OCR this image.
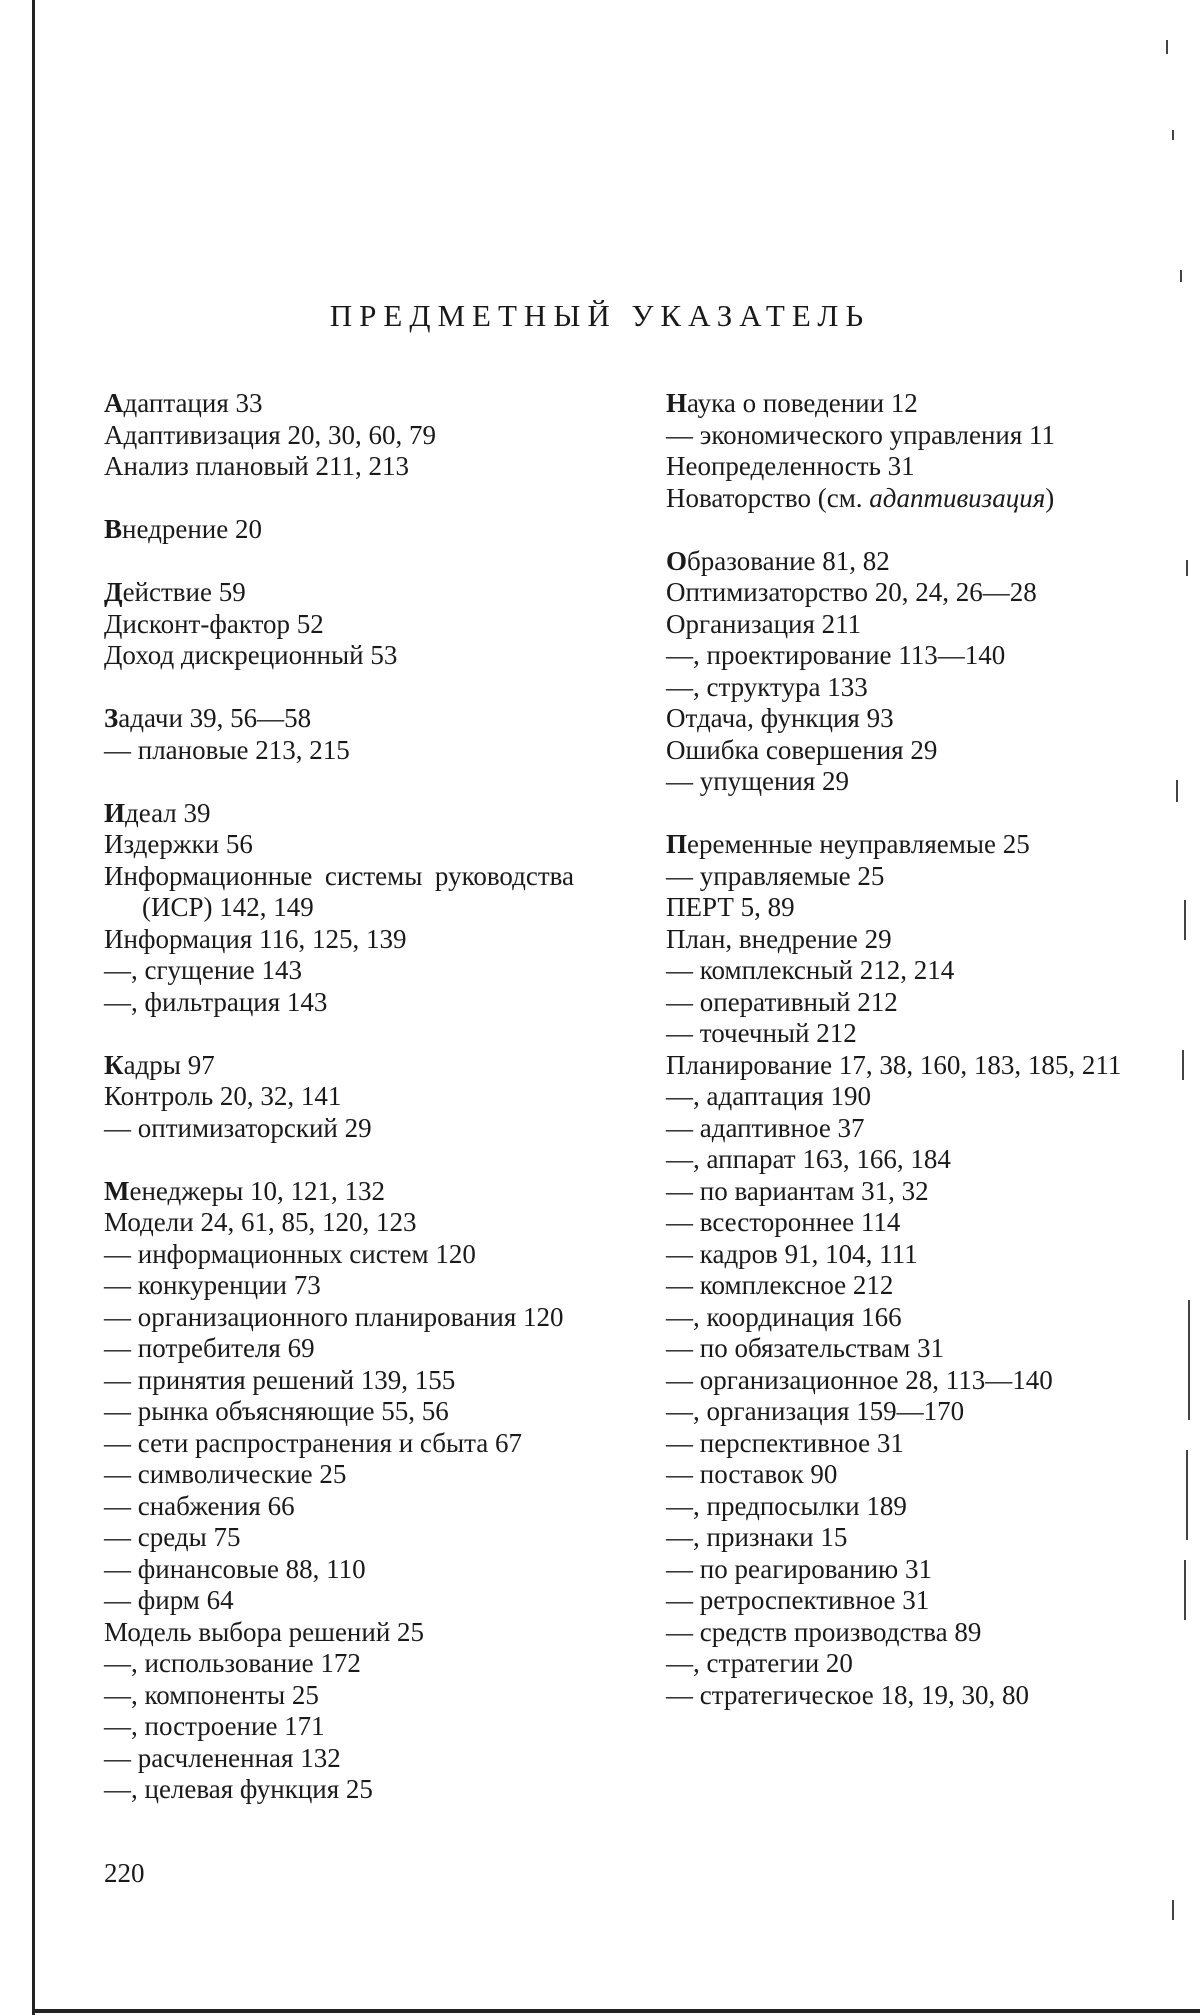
ПРЕДМЕТНЫЙ УКАЗАТЕЛЬ
Адаптация 33
Адаптивизация 20, 30, 60, 79
Анализ плановый 211, 213
Внедрение 20
Действие 59
Дисконт-фактор 52
Доход дискреционный 53
Задачи 39, 56—58
— плановые 213, 215
Идеал 39
Издержки 56
Информационные системы руководства (ИСР) 142, 149
Информация 116, 125, 139
—, сгущение 143
—, фильтрация 143
Кадры 97
Контроль 20, 32, 141
— оптимизаторский 29
Менеджеры 10, 121, 132
Модели 24, 61, 85, 120, 123
— информационных систем 120
— конкуренции 73
— организационного планирования 120
— потребителя 69
— принятия решений 139, 155
— рынка объясняющие 55, 56
— сети распространения и сбыта 67
— символические 25
— снабжения 66
— среды 75
— финансовые 88, 110
— фирм 64
Модель выбора решений 25
—, использование 172
—, компоненты 25
—, построение 171
— расчлененная 132
—, целевая функция 25
Наука о поведении 12
— экономического управления 11
Неопределенность 31
Новаторство (см. адаптивизация)
Образование 81, 82
Оптимизаторство 20, 24, 26—28
Организация 211
—, проектирование 113—140
—, структура 133
Отдача, функция 93
Ошибка совершения 29
— упущения 29
Переменные неуправляемые 25
— управляемые 25
ПЕРТ 5, 89
План, внедрение 29
— комплексный 212, 214
— оперативный 212
— точечный 212
Планирование 17, 38, 160, 183, 185, 211
—, адаптация 190
— адаптивное 37
—, аппарат 163, 166, 184
— по вариантам 31, 32
— всестороннее 114
— кадров 91, 104, 111
— комплексное 212
—, координация 166
— по обязательствам 31
— организационное 28, 113—140
—, организация 159—170
— перспективное 31
— поставок 90
—, предпосылки 189
—, признаки 15
— по реагированию 31
— ретроспективное 31
— средств производства 89
—, стратегии 20
— стратегическое 18, 19, 30, 80
220
